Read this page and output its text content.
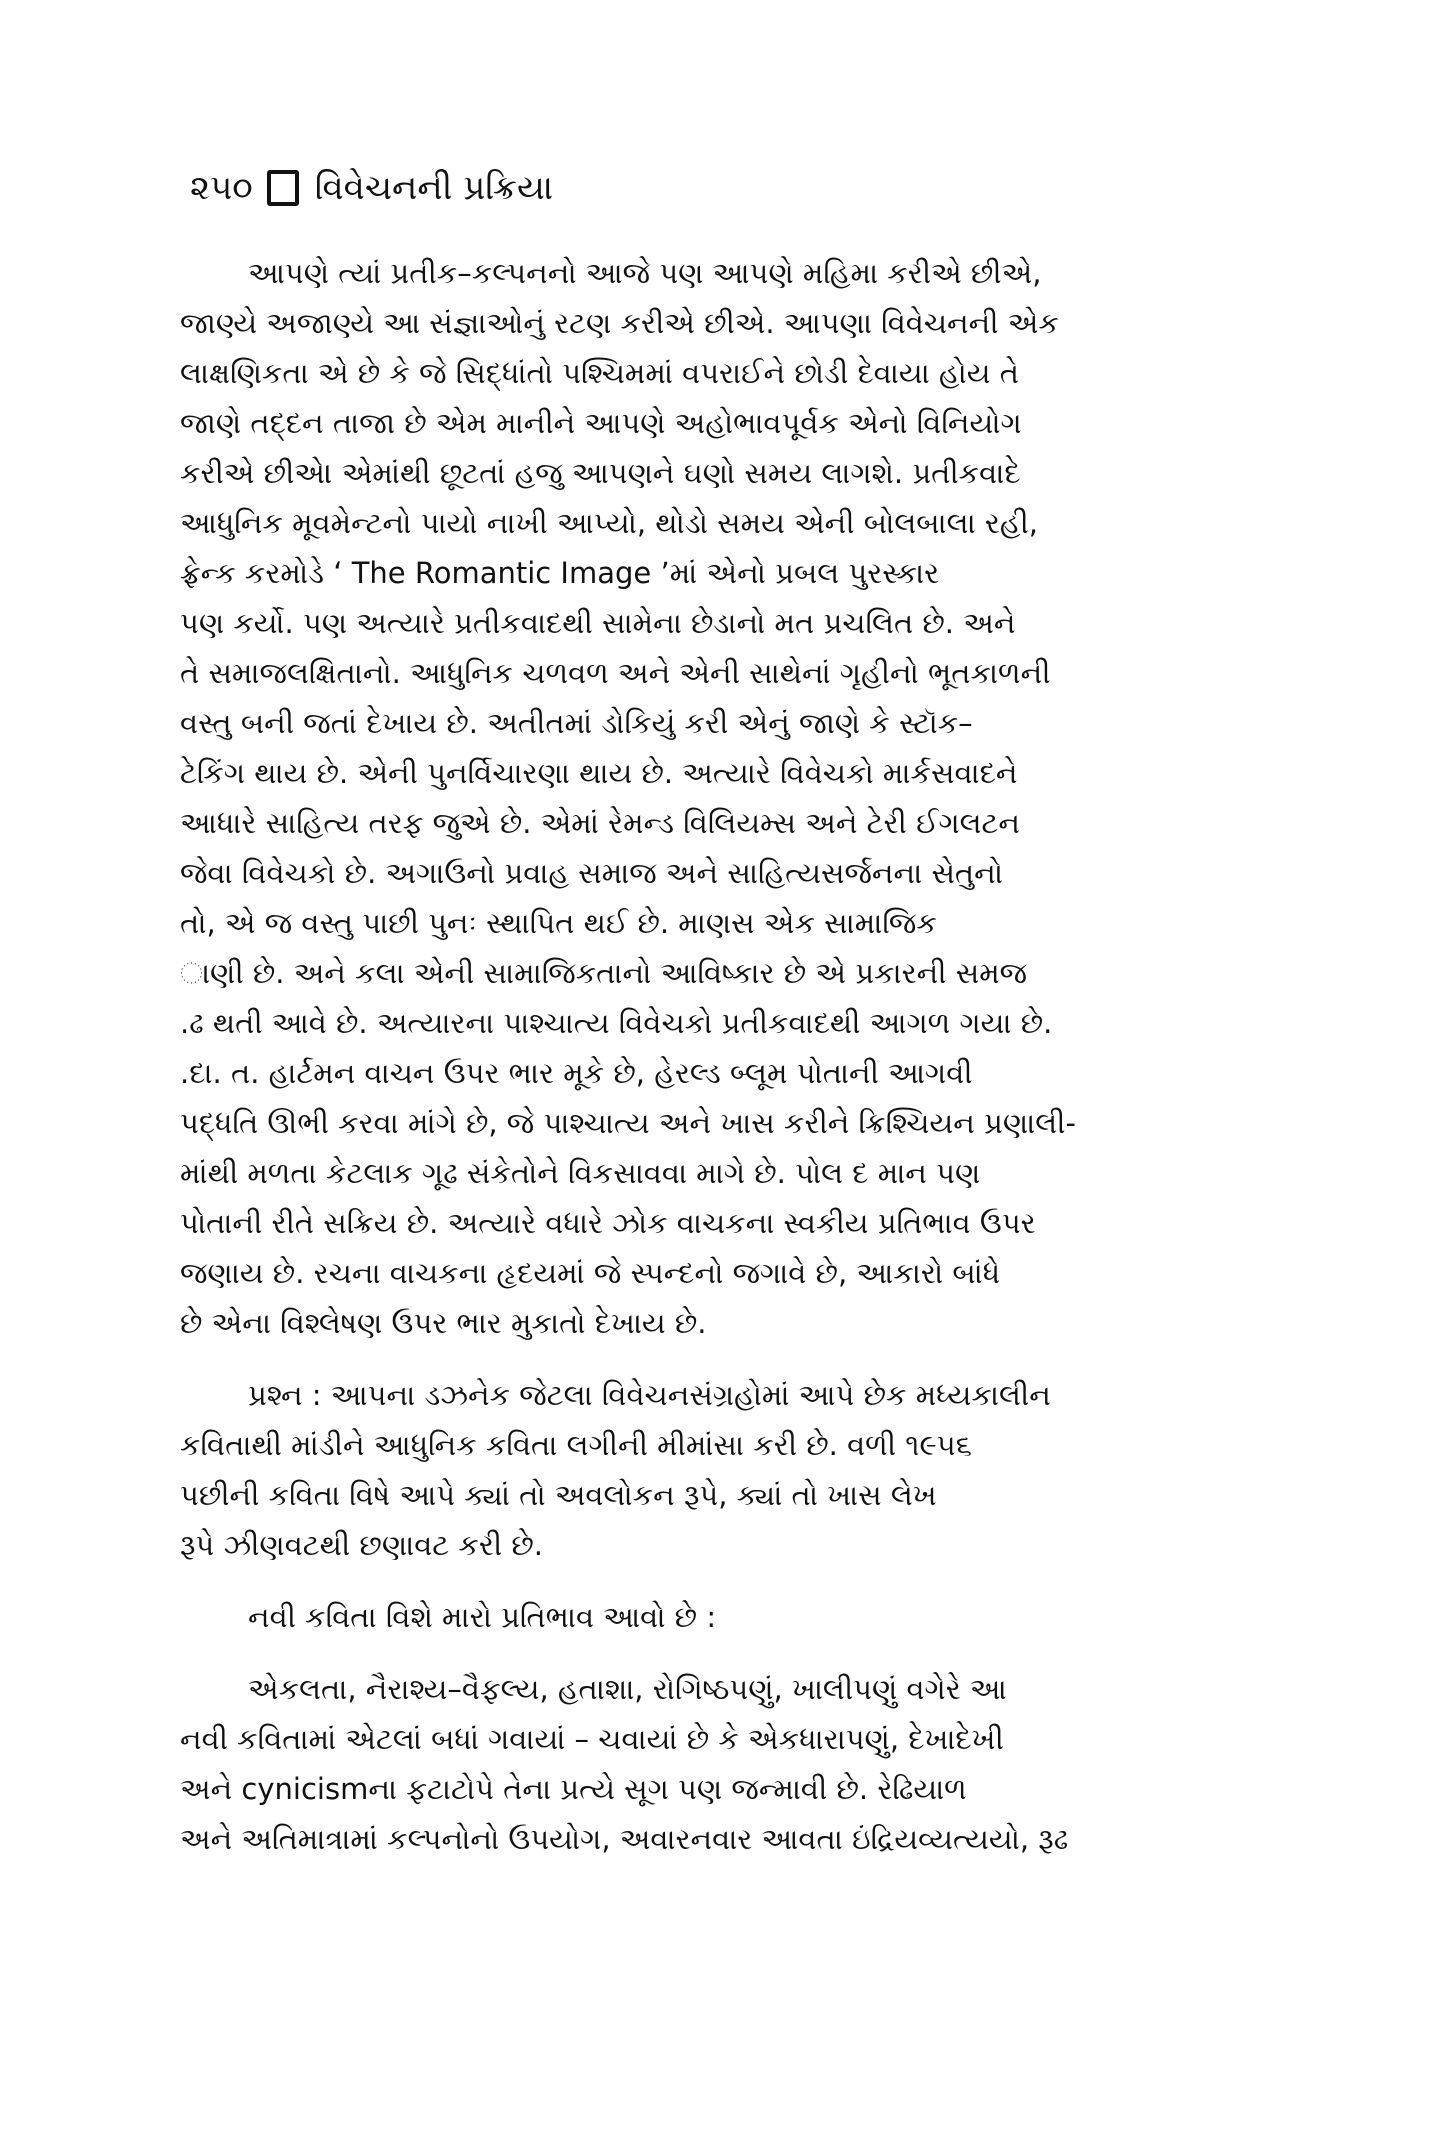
૨૫૦ વિવેચનની પ્રક્રિયા

આપણે ત્યાં પ્રતીક–કલ્પનનો આજે પણ આપણે મહિમા કરીએ છીએ,
જાણ્યે અજાણ્યે આ સંજ્ઞાઓનું રટણ કરીએ છીએ. આપણા વિવેચનની એક
લાક્ષણિકતા એ છે કે જે સિદ્ધાંતો પશ્ચિમમાં વપરાઈને છોડી દેવાયા હોય તે
જાણે તદ્દન તાજા છે એમ માનીને આપણે અહોભાવપૂર્વક એનો વિનિયોગ
કરીએ છીએ। એમાંથી છૂટતાં હજુ આપણને ઘણો સમય લાગશે. પ્રતીકવાદે
આધુનિક મૂવમેન્ટનો પાયો નાખી આપ્યો, થોડો સમય એની બોલબાલા રહી,
ફ્રેન્ક કરમોડે ‘ The Romantic Image ’માં એનો પ્રબલ પુરસ્કાર
પણ કર્યો. પણ અત્યારે પ્રતીકવાદથી સામેના છેડાનો મત પ્રચલિત છે. અને
તે સમાજલક્ષિતાનો. આધુનિક ચળવળ અને એની સાથેનાં ગૃહીનો ભૂતકાળની
વસ્તુ બની જતાં દેખાય છે. અતીતમાં ડોકિયું કરી એનું જાણે કે સ્ટૉક–
ટેકિંગ થાય છે. એની પુનર્વિચારણા થાય છે. અત્યારે વિવેચકો માર્કસવાદને
આધારે સાહિત્ય તરફ જુએ છે. એમાં રેમન્ડ વિલિયમ્સ અને ટેરી ઈગલટન
જેવા વિવેચકો છે. અગાઉનો પ્રવાહ સમાજ અને સાહિત્યસર્જનના સેતુનો
તો, એ જ વસ્તુ પાછી પુનઃ સ્થાપિત થઈ છે. માણસ એક સામાજિક
ાણી છે. અને કલા એની સામાજિકતાનો આવિષ્કાર છે એ પ્રકારની સમજ
.ઢ થતી આવે છે. અત્યારના પાશ્ચાત્ય વિવેચકો પ્રતીકવાદથી આગળ ગયા છે.
.દા. ત. હાર્ટમન વાચન ઉપર ભાર મૂકે છે, હેરલ્ડ બ્લૂમ પોતાની આગવી
પદ્ધતિ ઊભી કરવા માંગે છે, જે પાશ્ચાત્ય અને ખાસ કરીને ક્રિશ્ચિયન પ્રણાલી-
માંથી મળતા કેટલાક ગૂઢ સંકેતોને વિકસાવવા માગે છે. પોલ દ માન પણ
પોતાની રીતે સક્રિય છે. અત્યારે વધારે ઝોક વાચકના સ્વકીય પ્રતિભાવ ઉપર
જણાય છે. રચના વાચકના હૃદયમાં જે સ્પન્દનો જગાવે છે, આકારો બાંધે
છે એના વિશ્લેષણ ઉપર ભાર મુકાતો દેખાય છે.

પ્રશ્ન : આપના ડઝનેક જેટલા વિવેચનસંગ્રહોમાં આપે છેક મધ્યકાલીન
કવિતાથી માંડીને આધુનિક કવિતા લગીની મીમાંસા કરી છે. વળી ૧૯૫૬
પછીની કવિતા વિષે આપે ક્યાં તો અવલોકન રૂપે, ક્યાં તો ખાસ લેખ
રૂપે ઝીણવટથી છણાવટ કરી છે.

નવી કવિતા વિશે મારો પ્રતિભાવ આવો છે :

એકલતા, નૈરાશ્ય–વૈફલ્ય, હતાશા, રોગિષ્ઠપણું, ખાલીપણું વગેરે આ
નવી કવિતામાં એટલાં બધાં ગવાયાં – ચવાયાં છે કે એકધારાપણું, દેખાદેખી
અને cynicismના ફટાટોપે તેના પ્રત્યે સૂગ પણ જન્માવી છે. રેઢિયાળ
અને અતિમાત્રામાં કલ્પનોનો ઉપયોગ, અવારનવાર આવતા ઇંદ્રિયવ્યત્યયો, રૂઢ
